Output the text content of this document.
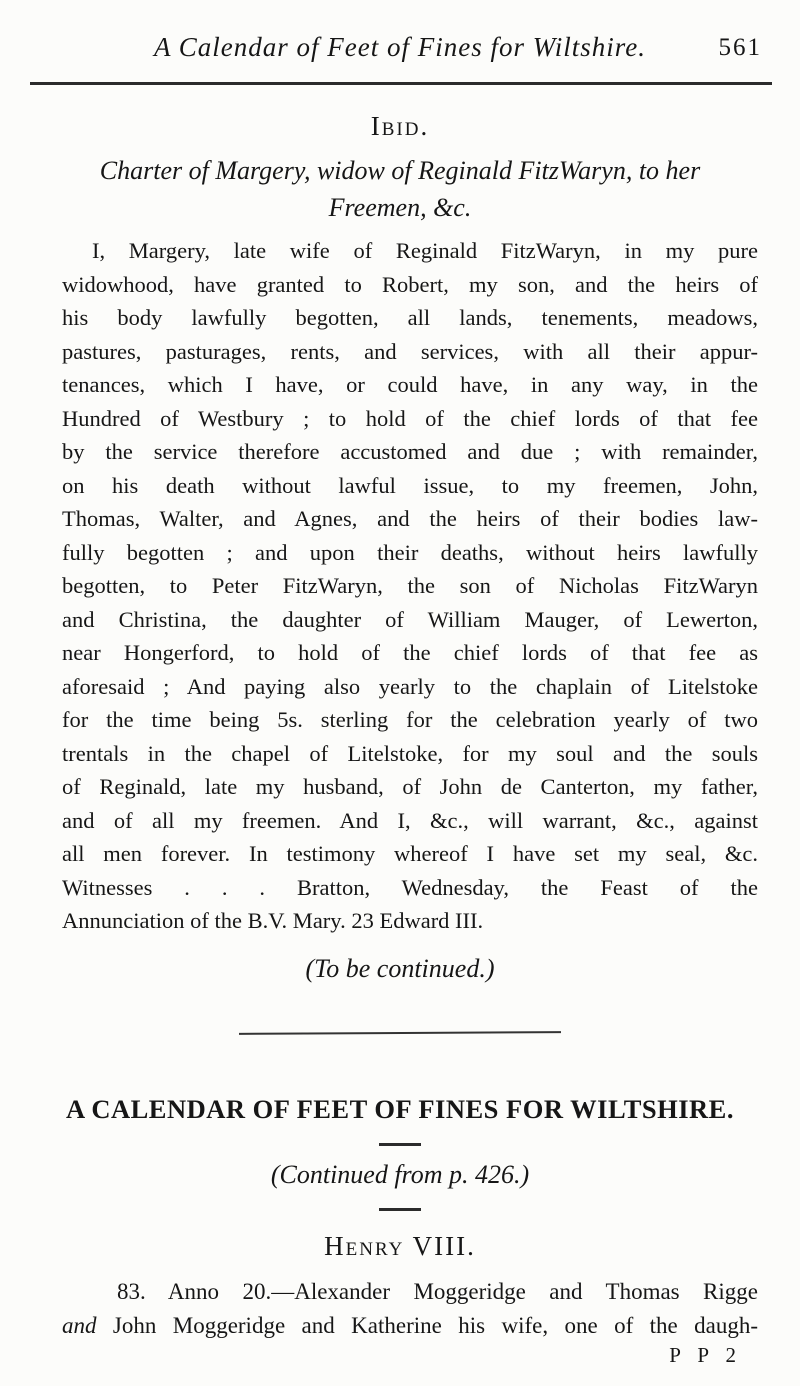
A Calendar of Feet of Fines for Wiltshire.	561
Ibid.
Charter of Margery, widow of Reginald FitzWaryn, to her
Freemen, &c.
I, Margery, late wife of Reginald FitzWaryn, in my pure
widowhood, have granted to Robert, my son, and the heirs of
his body lawfully begotten, all lands, tenements, meadows,
pastures, pasturages, rents, and services, with all their appur-
tenances, which I have, or could have, in any way, in the
Hundred of Westbury ; to hold of the chief lords of that fee
by the service therefore accustomed and due ; with remainder,
on his death without lawful issue, to my freemen, John,
Thomas, Walter, and Agnes, and the heirs of their bodies law-
fully begotten ; and upon their deaths, without heirs lawfully
begotten, to Peter FitzWaryn, the son of Nicholas FitzWaryn
and Christina, the daughter of William Mauger, of Lewerton,
near Hongerford, to hold of the chief lords of that fee as
aforesaid ; And paying also yearly to the chaplain of Litelstoke
for the time being 5s. sterling for the celebration yearly of two
trentals in the chapel of Litelstoke, for my soul and the souls
of Reginald, late my husband, of John de Canterton, my father,
and of all my freemen. And I, &c., will warrant, &c., against
all men forever. In testimony whereof I have set my seal, &c.
Witnesses . . . Bratton, Wednesday, the Feast of the
Annunciation of the B.V. Mary. 23 Edward III.
(To be continued.)
A CALENDAR OF FEET OF FINES FOR WILTSHIRE.
(Continued from p. 426.)
Henry VIII.
83. Anno 20.—Alexander Moggeridge and Thomas Rigge
and John Moggeridge and Katherine his wife, one of the daugh-
P P 2
